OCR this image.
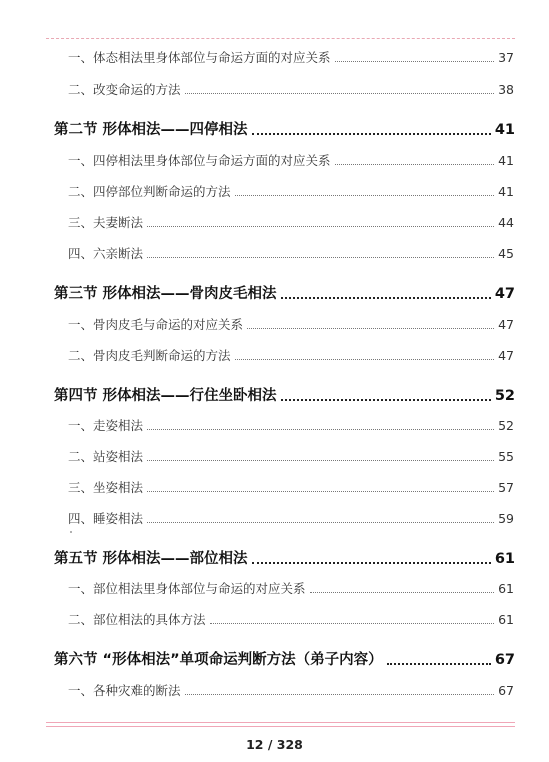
一、体态相法里身体部位与命运方面的对应关系	37
二、改变命运的方法	38
第二节 形体相法——四停相法	41
一、四停相法里身体部位与命运方面的对应关系	41
二、四停部位判断命运的方法	41
三、夫妻断法	44
四、六亲断法	45
第三节 形体相法——骨肉皮毛相法	47
一、骨肉皮毛与命运的对应关系	47
二、骨肉皮毛判断命运的方法	47
第四节 形体相法——行住坐卧相法	52
一、走姿相法	52
二、站姿相法	55
三、坐姿相法	57
四、睡姿相法	59
第五节 形体相法——部位相法	61
一、部位相法里身体部位与命运的对应关系	61
二、部位相法的具体方法	61
第六节 “形体相法”单项命运判断方法（弟子内容）	67
一、各种灾难的断法	67
12 / 328
